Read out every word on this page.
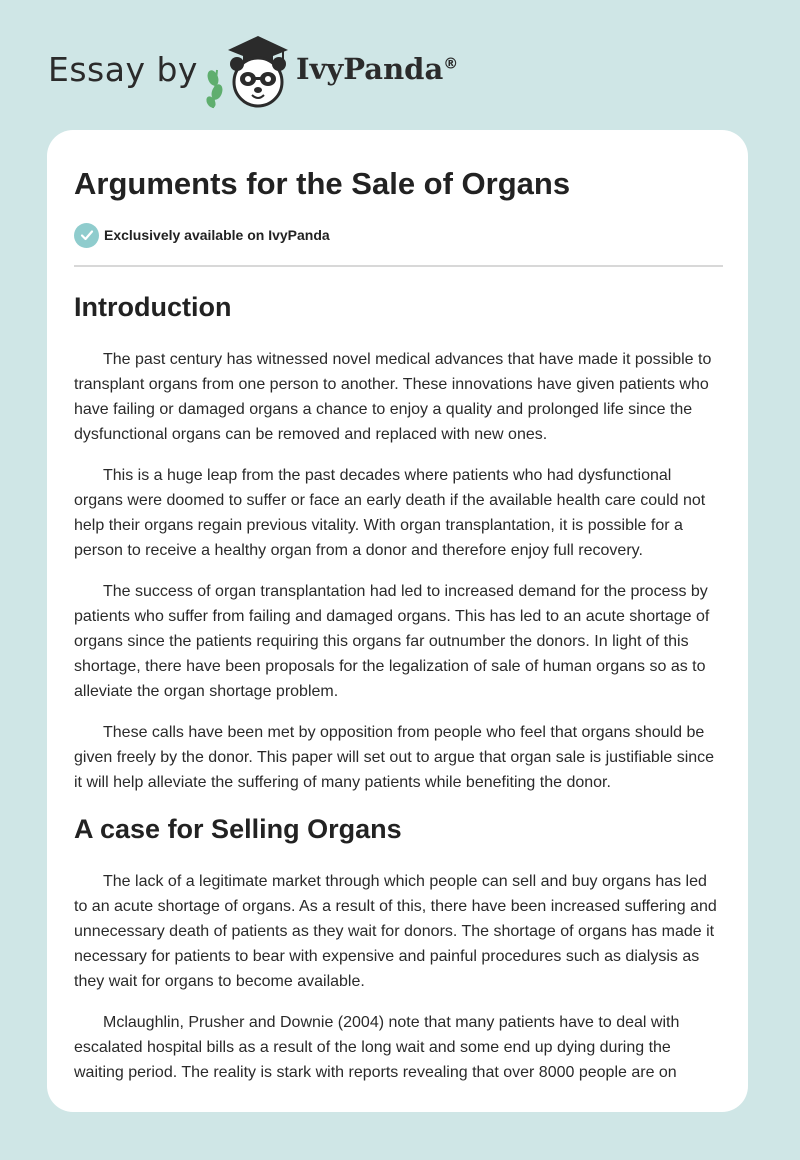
Essay by	IvyPanda®
Arguments for the Sale of Organs
Exclusively available on IvyPanda
Introduction

The past century has witnessed novel medical advances that have made it possible to transplant organs from one person to another. These innovations have given patients who have failing or damaged organs a chance to enjoy a quality and prolonged life since the dysfunctional organs can be removed and replaced with new ones.

This is a huge leap from the past decades where patients who had dysfunctional organs were doomed to suffer or face an early death if the available health care could not help their organs regain previous vitality. With organ transplantation, it is possible for a person to receive a healthy organ from a donor and therefore enjoy full recovery.

The success of organ transplantation had led to increased demand for the process by patients who suffer from failing and damaged organs. This has led to an acute shortage of organs since the patients requiring this organs far outnumber the donors. In light of this shortage, there have been proposals for the legalization of sale of human organs so as to alleviate the organ shortage problem.

These calls have been met by opposition from people who feel that organs should be given freely by the donor. This paper will set out to argue that organ sale is justifiable since it will help alleviate the suffering of many patients while benefiting the donor.

A case for Selling Organs

The lack of a legitimate market through which people can sell and buy organs has led to an acute shortage of organs. As a result of this, there have been increased suffering and unnecessary death of patients as they wait for donors. The shortage of organs has made it necessary for patients to bear with expensive and painful procedures such as dialysis as they wait for organs to become available.

Mclaughlin, Prusher and Downie (2004) note that many patients have to deal with escalated hospital bills as a result of the long wait and some end up dying during the waiting period. The reality is stark with reports revealing that over 8000 people are on
